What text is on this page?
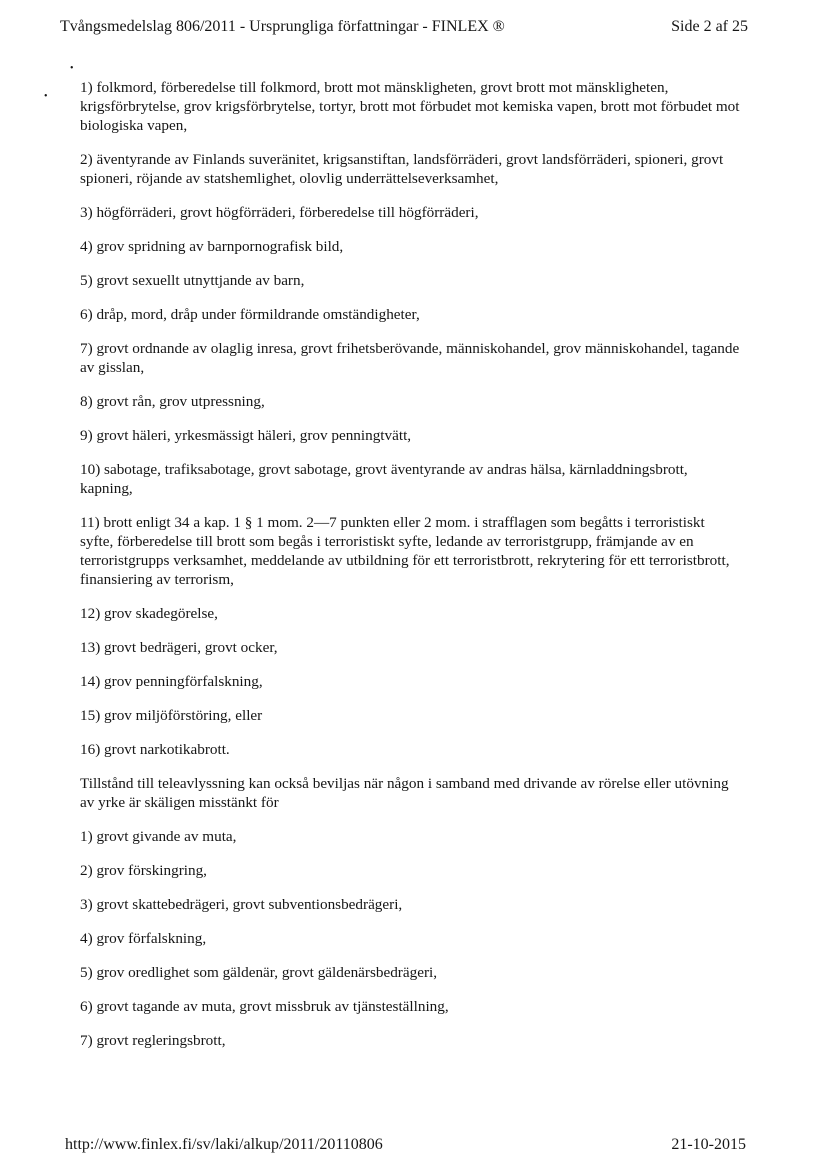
Tvångsmedelslag 806/2011 - Ursprungliga författningar - FINLEX ®	Side 2 af 25
•
•

1) folkmord, förberedelse till folkmord, brott mot mänskligheten, grovt brott mot mänskligheten, krigsförbrytelse, grov krigsförbrytelse, tortyr, brott mot förbudet mot kemiska vapen, brott mot förbudet mot biologiska vapen,

2) äventyrande av Finlands suveränitet, krigsanstiftan, landsförräderi, grovt landsförräderi, spioneri, grovt spioneri, röjande av statshemlighet, olovlig underrättelseverksamhet,

3) högförräderi, grovt högförräderi, förberedelse till högförräderi,

4) grov spridning av barnpornografisk bild,

5) grovt sexuellt utnyttjande av barn,

6) dråp, mord, dråp under förmildrande omständigheter,

7) grovt ordnande av olaglig inresa, grovt frihetsberövande, människohandel, grov människohandel, tagande av gisslan,

8) grovt rån, grov utpressning,

9) grovt häleri, yrkesmässigt häleri, grov penningtvätt,

10) sabotage, trafiksabotage, grovt sabotage, grovt äventyrande av andras hälsa, kärnladdningsbrott, kapning,

11) brott enligt 34 a kap. 1 § 1 mom. 2—7 punkten eller 2 mom. i strafflagen som begåtts i terroristiskt syfte, förberedelse till brott som begås i terroristiskt syfte, ledande av terroristgrupp, främjande av en terroristgrupps verksamhet, meddelande av utbildning för ett terroristbrott, rekrytering för ett terroristbrott, finansiering av terrorism,

12) grov skadegörelse,

13) grovt bedrägeri, grovt ocker,

14) grov penningförfalskning,

15) grov miljöförstöring, eller

16) grovt narkotikabrott.

Tillstånd till teleavlyssning kan också beviljas när någon i samband med drivande av rörelse eller utövning av yrke är skäligen misstänkt för

1) grovt givande av muta,

2) grov förskingring,

3) grovt skattebedrägeri, grovt subventionsbedrägeri,

4) grov förfalskning,

5) grov oredlighet som gäldenär, grovt gäldenärsbedrägeri,

6) grovt tagande av muta, grovt missbruk av tjänsteställning,

7) grovt regleringsbrott,

http://www.finlex.fi/sv/laki/alkup/2011/20110806	21-10-2015
